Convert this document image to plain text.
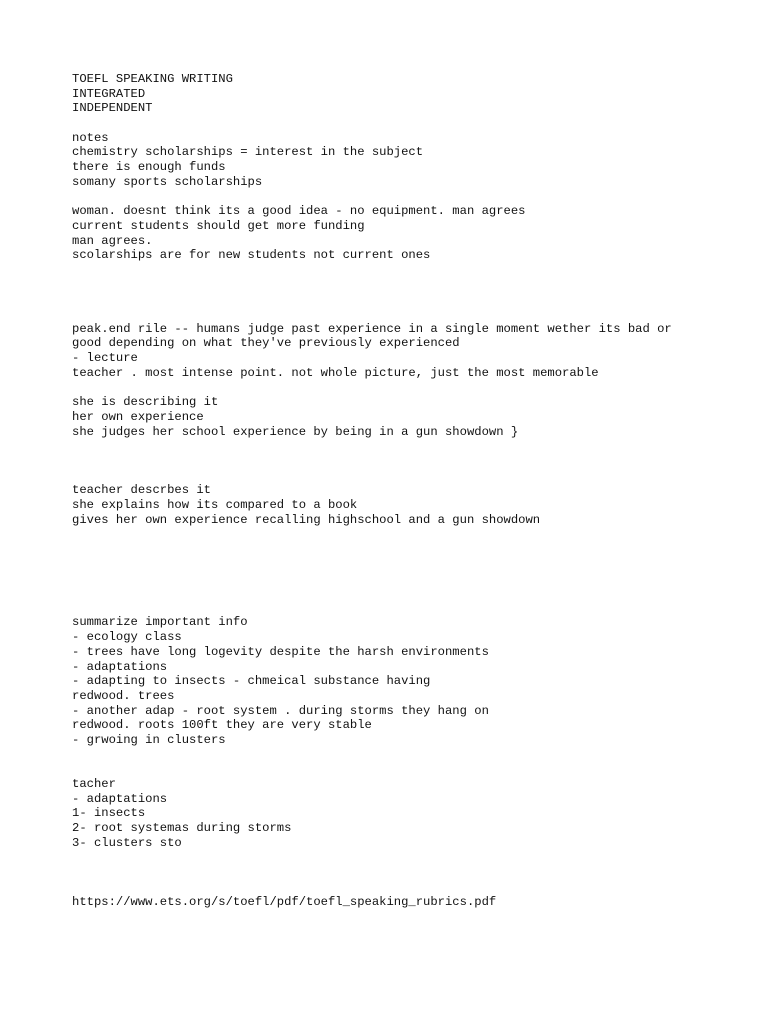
TOEFL SPEAKING WRITING
INTEGRATED
INDEPENDENT
notes
chemistry scholarships = interest in the subject
there is enough funds
somany sports scholarships
woman. doesnt think its a good idea - no equipment. man agrees
current students should get more funding
man agrees.
scolarships are for new students not current ones
peak.end rile -- humans judge past experience in a single moment wether its bad or
good depending on what they've previously experienced
- lecture
teacher . most intense point. not whole picture, just the most memorable
she is describing it
her own experience
she judges her school experience by being in a gun showdown }
teacher descrbes it
she explains how its compared to a book
gives her own experience recalling highschool and a gun showdown
summarize important info
- ecology class
- trees have long logevity despite the harsh environments
- adaptations
- adapting to insects - chmeical substance having
redwood. trees
- another adap - root system . during storms they hang on
redwood. roots 100ft they are very stable
- grwoing in clusters
tacher
- adaptations
1- insects
2- root systemas during storms
3- clusters sto
https://www.ets.org/s/toefl/pdf/toefl_speaking_rubrics.pdf
